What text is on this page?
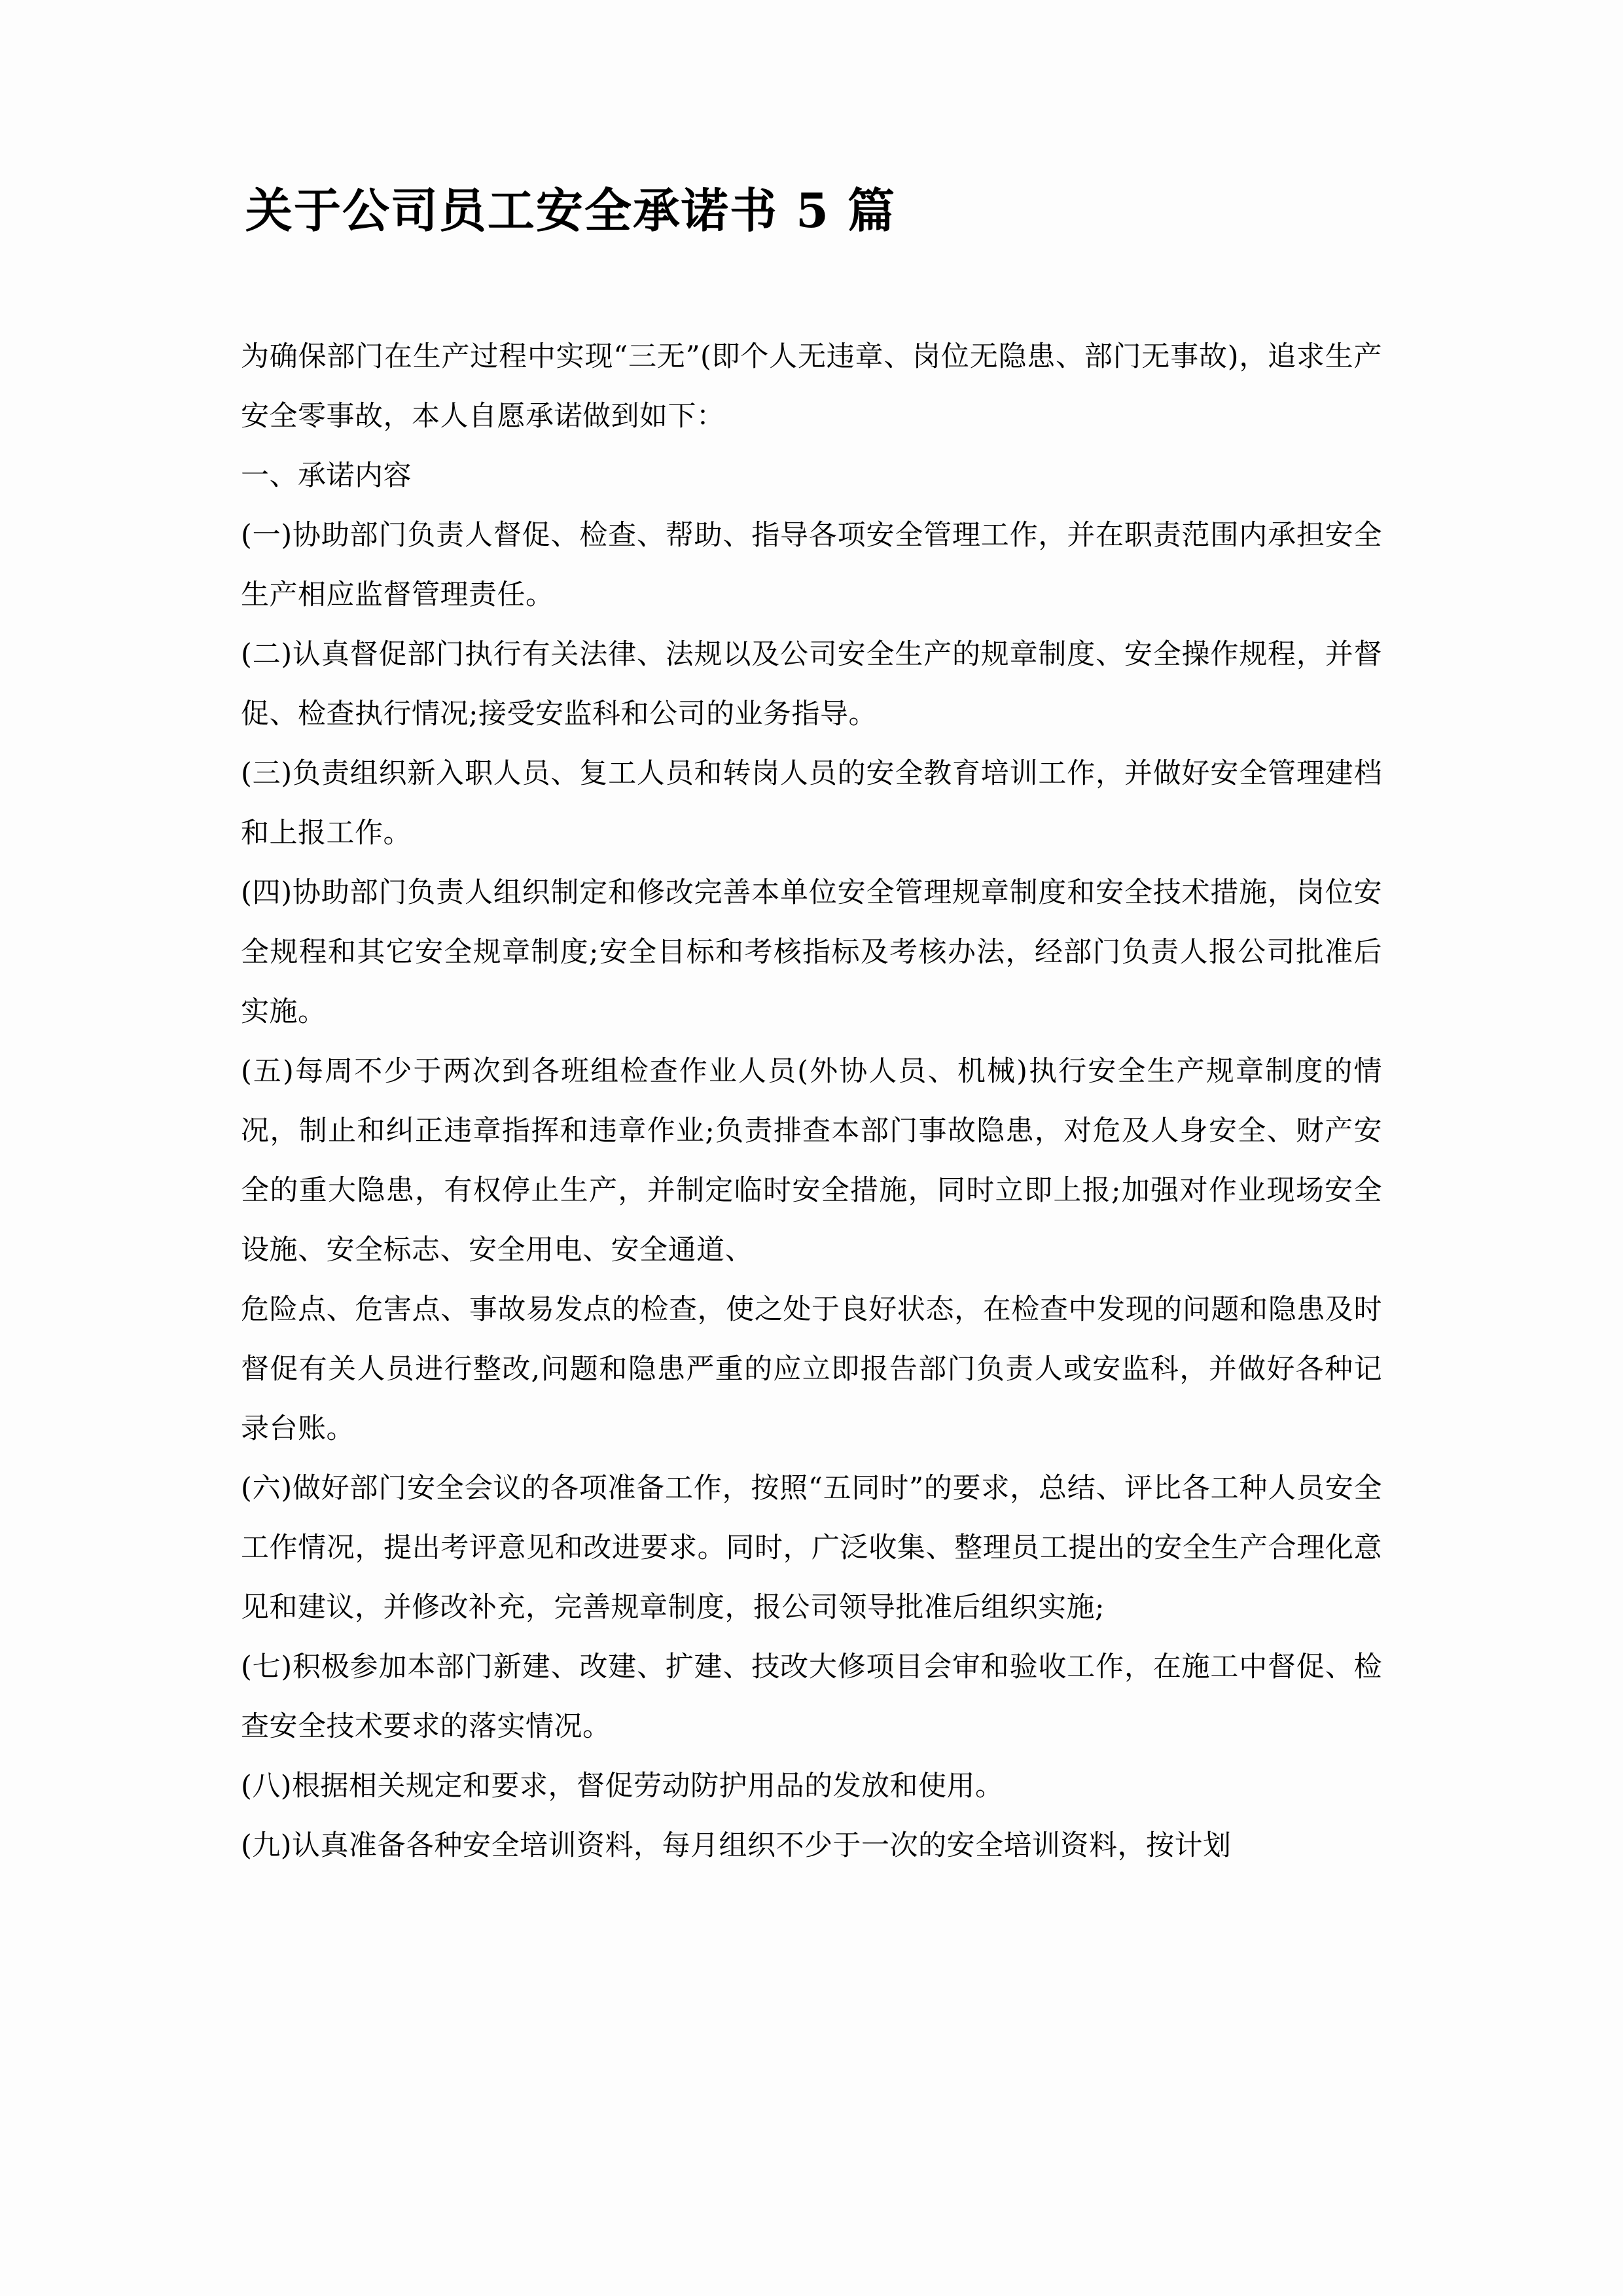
关于公司员工安全承诺书 5 篇

为确保部门在生产过程中实现“三无”(即个人无违章、岗位无隐患、部门无事故)，追求生产安全零事故，本人自愿承诺做到如下：

一、承诺内容

(一)协助部门负责人督促、检查、帮助、指导各项安全管理工作，并在职责范围内承担安全生产相应监督管理责任。

(二)认真督促部门执行有关法律、法规以及公司安全生产的规章制度、安全操作规程，并督促、检查执行情况;接受安监科和公司的业务指导。

(三)负责组织新入职人员、复工人员和转岗人员的安全教育培训工作，并做好安全管理建档和上报工作。

(四)协助部门负责人组织制定和修改完善本单位安全管理规章制度和安全技术措施，岗位安全规程和其它安全规章制度;安全目标和考核指标及考核办法，经部门负责人报公司批准后实施。

(五)每周不少于两次到各班组检查作业人员(外协人员、机械)执行安全生产规章制度的情况，制止和纠正违章指挥和违章作业;负责排查本部门事故隐患，对危及人身安全、财产安全的重大隐患，有权停止生产，并制定临时安全措施，同时立即上报;加强对作业现场安全设施、安全标志、安全用电、安全通道、

危险点、危害点、事故易发点的检查，使之处于良好状态，在检查中发现的问题和隐患及时督促有关人员进行整改,问题和隐患严重的应立即报告部门负责人或安监科，并做好各种记录台账。

(六)做好部门安全会议的各项准备工作，按照“五同时”的要求，总结、评比各工种人员安全工作情况，提出考评意见和改进要求。同时，广泛收集、整理员工提出的安全生产合理化意见和建议，并修改补充，完善规章制度，报公司领导批准后组织实施;

(七)积极参加本部门新建、改建、扩建、技改大修项目会审和验收工作，在施工中督促、检查安全技术要求的落实情况。

(八)根据相关规定和要求，督促劳动防护用品的发放和使用。

(九)认真准备各种安全培训资料，每月组织不少于一次的安全培训资料，按计划
